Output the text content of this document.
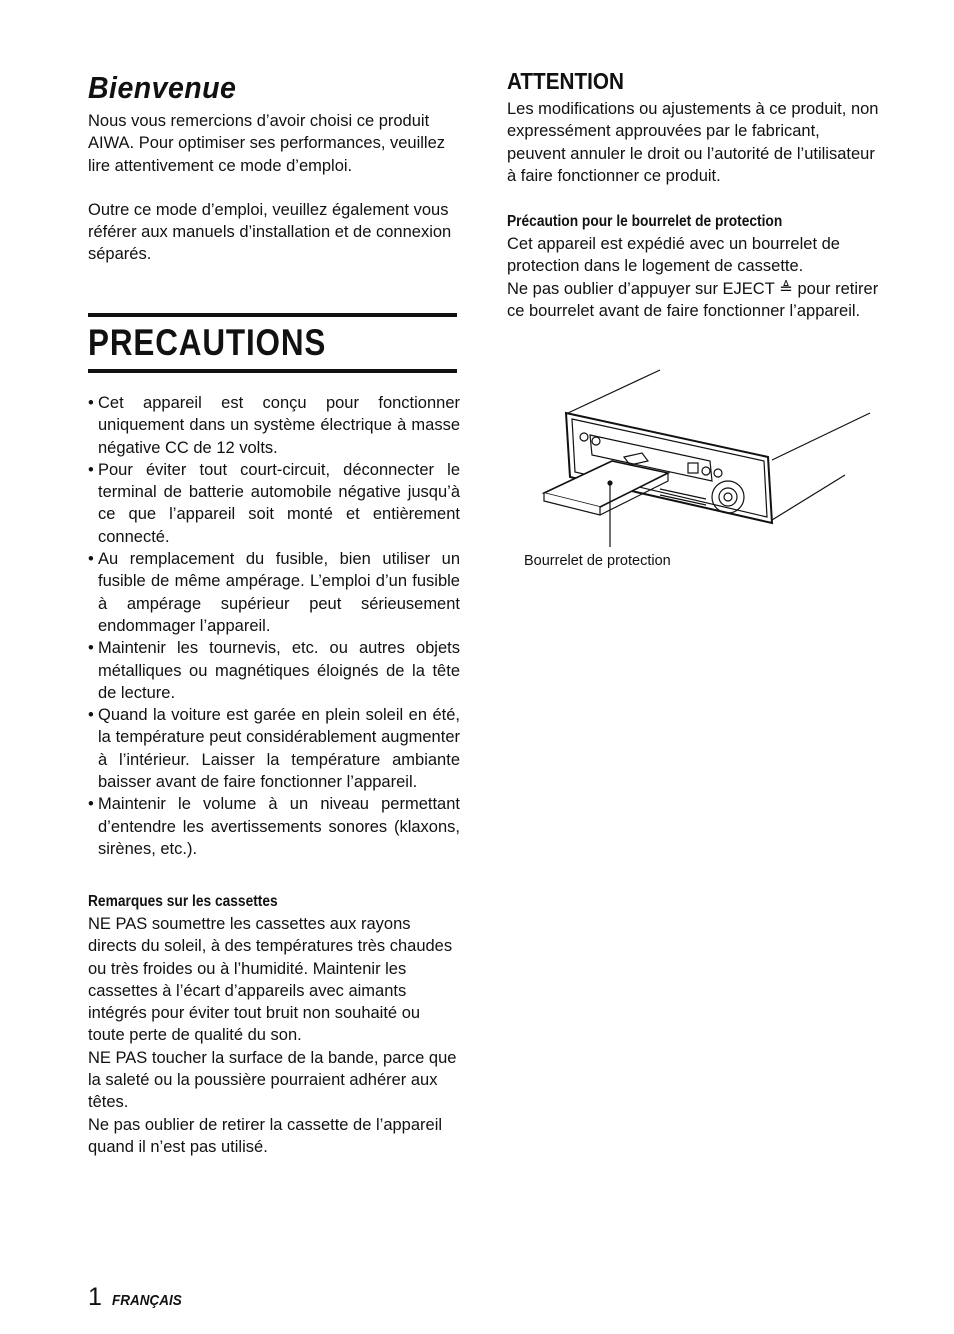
Bienvenue

Nous vous remercions d’avoir choisi ce produit AIWA. Pour optimiser ses performances, veuillez lire attentivement ce mode d’emploi.

Outre ce mode d’emploi, veuillez également vous référer aux manuels d’installation et de connexion séparés.

PRECAUTIONS
• Cet appareil est conçu pour fonctionner uniquement dans un système électrique à masse négative CC de 12 volts.
• Pour éviter tout court-circuit, déconnecter le terminal de batterie automobile négative jusqu’à ce que l’appareil soit monté et entièrement connecté.
• Au remplacement du fusible, bien utiliser un fusible de même ampérage. L’emploi d’un fusible à ampérage supérieur peut sérieusement endommager l’appareil.
• Maintenir les tournevis, etc. ou autres objets métalliques ou magnétiques éloignés de la tête de lecture.
• Quand la voiture est garée en plein soleil en été, la température peut considérablement augmenter à l’intérieur. Laisser la température ambiante baisser avant de faire fonctionner l’appareil.
• Maintenir le volume à un niveau permettant d’entendre les avertissements sonores (klaxons, sirènes, etc.).
Remarques sur les cassettes

NE PAS soumettre les cassettes aux rayons directs du soleil, à des températures très chaudes ou très froides ou à l’humidité. Maintenir les cassettes à l’écart d’appareils avec aimants intégrés pour éviter tout bruit non souhaité ou toute perte de qualité du son.

NE PAS toucher la surface de la bande, parce que la saleté ou la poussière pourraient adhérer aux têtes.

Ne pas oublier de retirer la cassette de l’appareil quand il n’est pas utilisé.

ATTENTION

Les modifications ou ajustements à ce produit, non expressément approuvées par le fabricant, peuvent annuler le droit ou l’autorité de l’utilisateur à faire fonctionner ce produit.

Précaution pour le bourrelet de protection

Cet appareil est expédié avec un bourrelet de protection dans le logement de cassette.

Ne pas oublier d’appuyer sur EJECT ≜ pour retirer ce bourrelet avant de faire fonctionner l’appareil.

Bourrelet de protection

1 FRANÇAIS
